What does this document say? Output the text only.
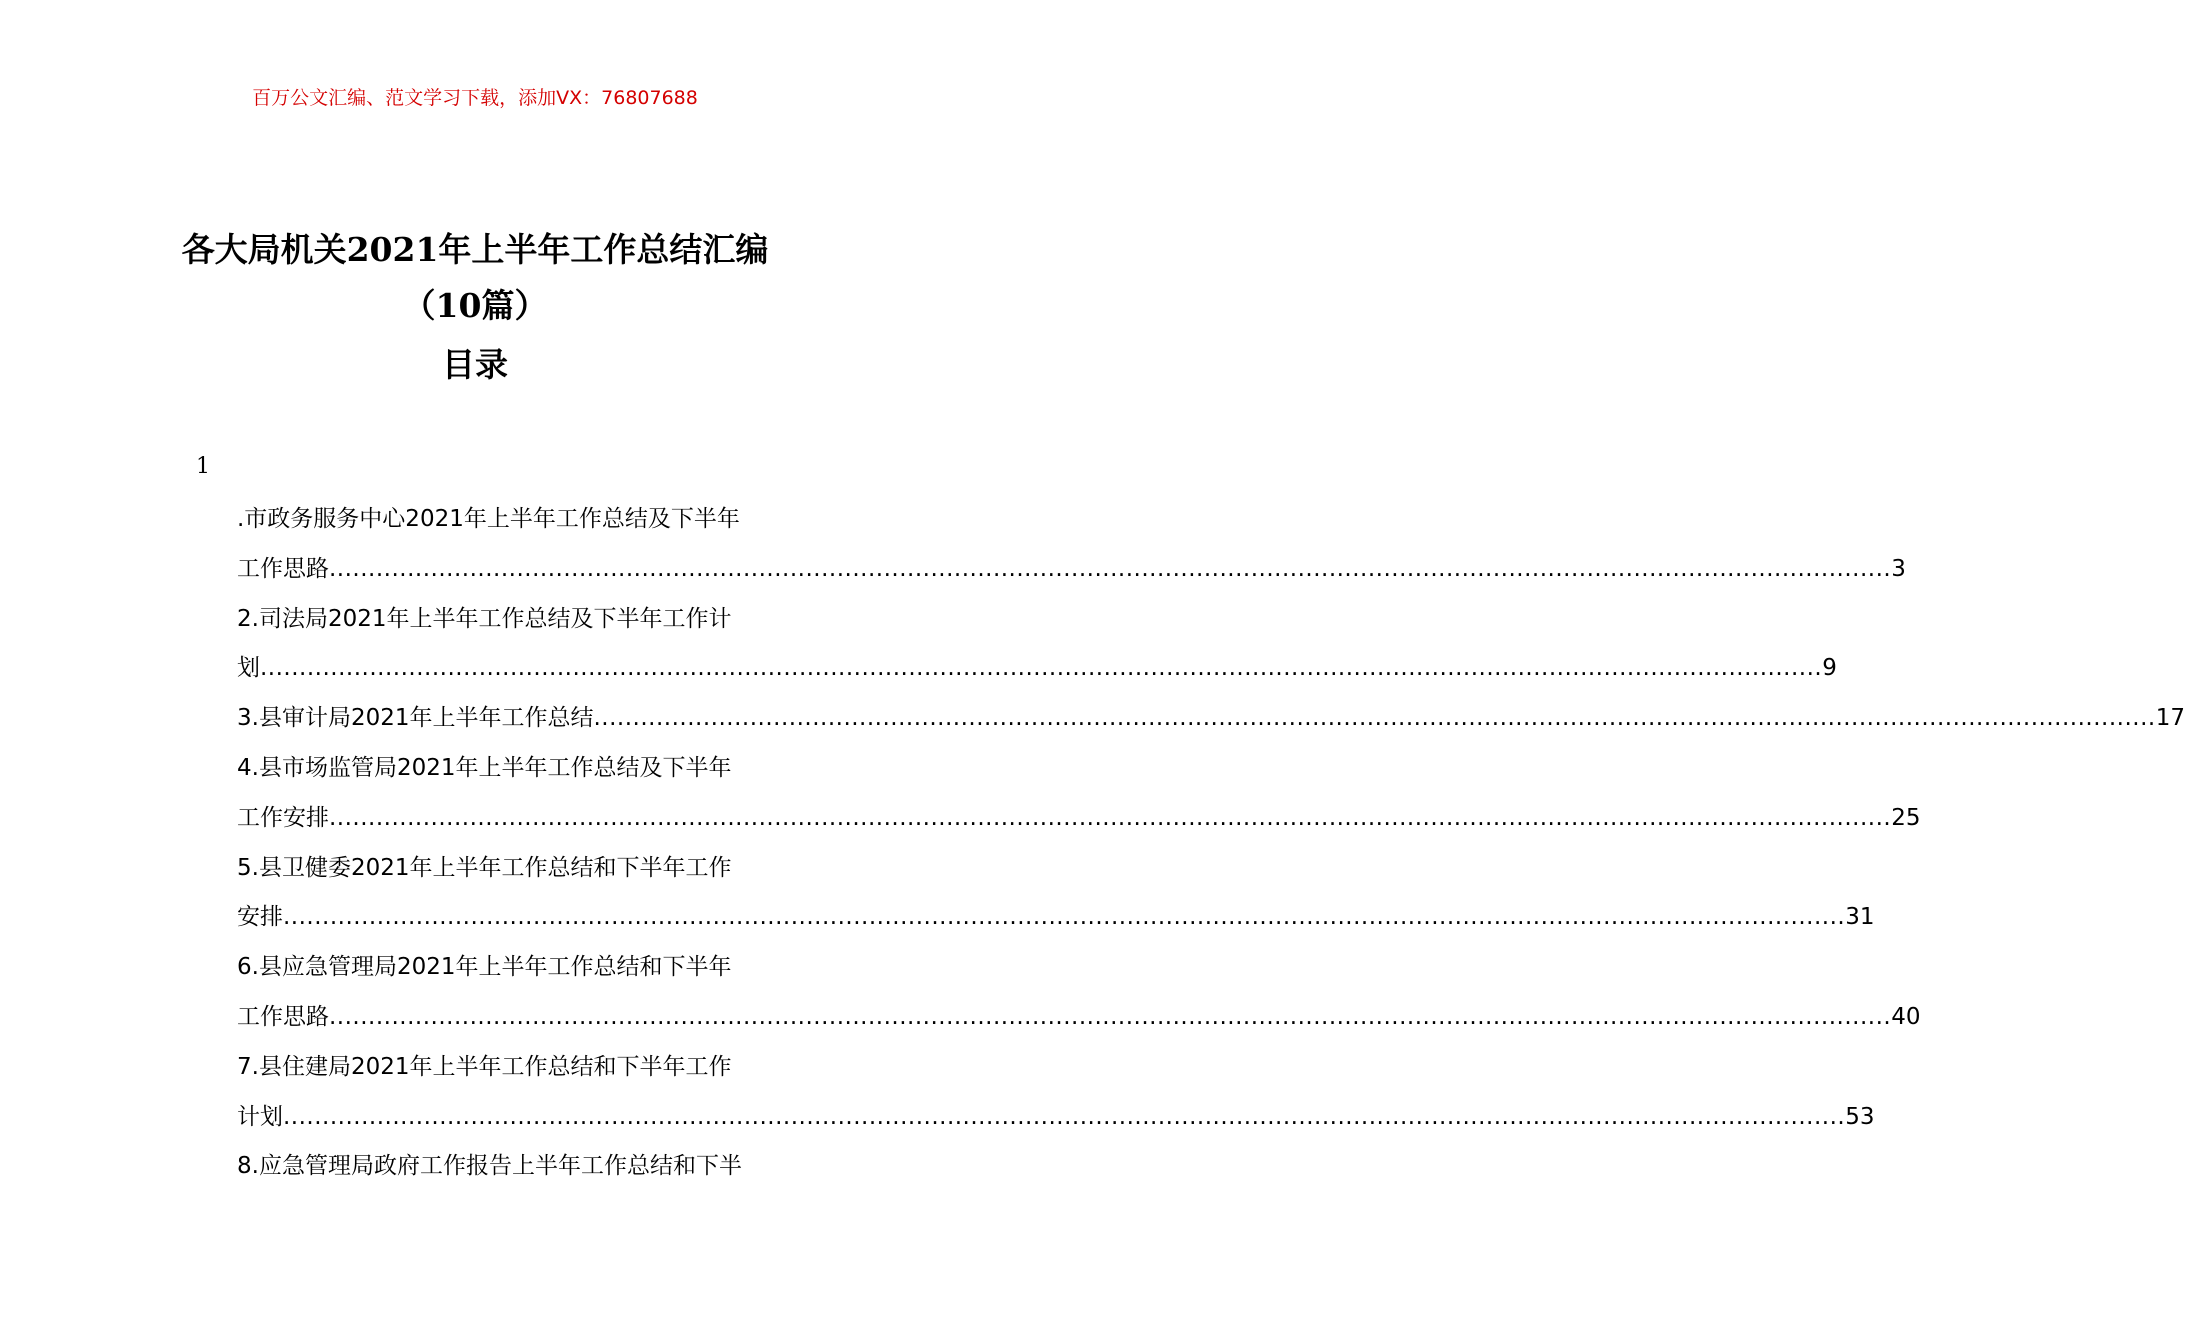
百万公文汇编、范文学习下载，添加VX：76807688
各大局机关2021年上半年工作总结汇编
（10篇）
目录
1
.市政务服务中心2021年上半年工作总结及下半年
工作思路 ........................................................................................................................................................................................................ 3
2.司法局2021年上半年工作总结及下半年工作计
划 ........................................................................................................................................................................................................ 9
3.县审计局2021年上半年工作总结 ........................................................................................................................................................................................................ 17
4.县市场监管局2021年上半年工作总结及下半年
工作安排 ........................................................................................................................................................................................................ 25
5.县卫健委2021年上半年工作总结和下半年工作
安排 ........................................................................................................................................................................................................ 31
6.县应急管理局2021年上半年工作总结和下半年
工作思路 ........................................................................................................................................................................................................ 40
7.县住建局2021年上半年工作总结和下半年工作
计划 ........................................................................................................................................................................................................ 53
8.应急管理局政府工作报告上半年工作总结和下半
